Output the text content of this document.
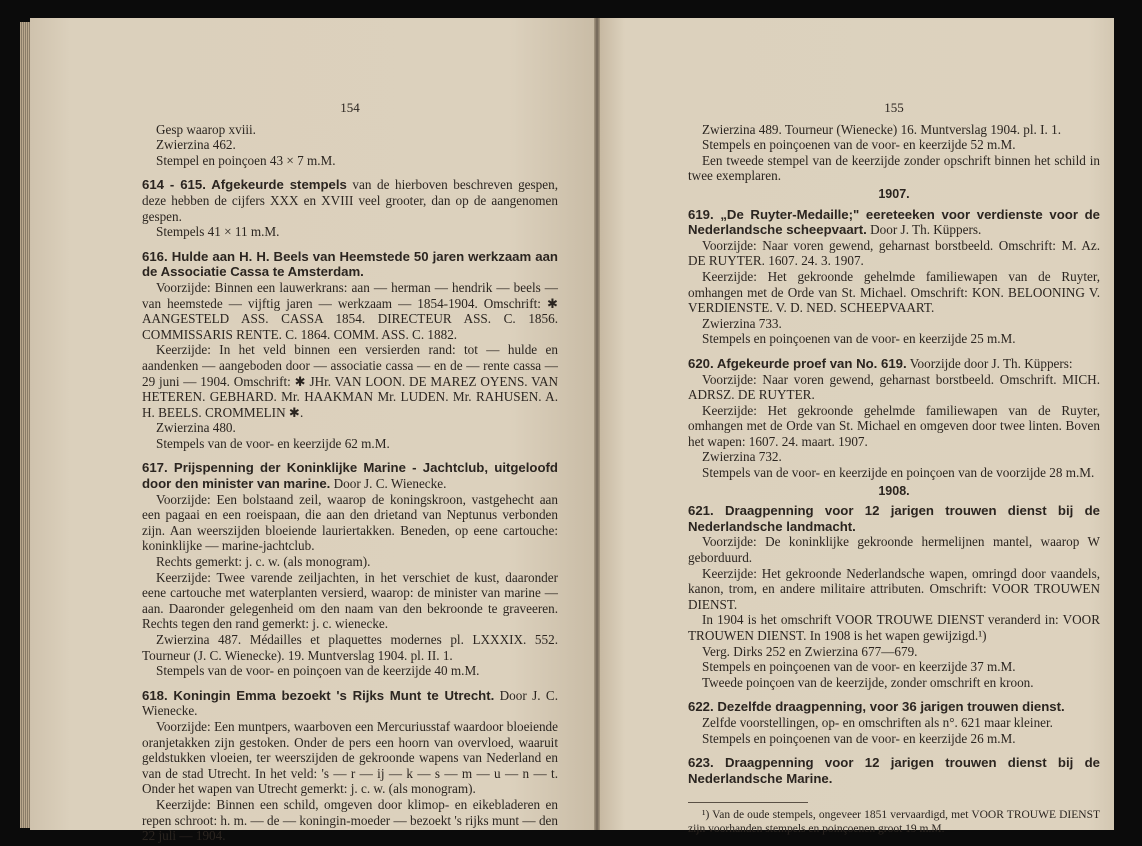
154

Gesp waarop xviii.

Zwierzina 462.

Stempel en poinçoen 43 × 7 m.M.

614 - 615. Afgekeurde stempels van de hierboven beschreven gespen, deze hebben de cijfers XXX en XVIII veel grooter, dan op de aangenomen gespen.

Stempels 41 × 11 m.M.

616. Hulde aan H. H. Beels van Heemstede 50 jaren werkzaam aan de Associatie Cassa te Amsterdam.

Voorzijde: Binnen een lauwerkrans: aan — herman — hendrik — beels — van heemstede — vijftig jaren — werkzaam — 1854-1904. Omschrift: ✱ AANGESTELD ASS. CASSA 1854. DIRECTEUR ASS. C. 1856. COMMISSARIS RENTE. C. 1864. COMM. ASS. C. 1882.

Keerzijde: In het veld binnen een versierden rand: tot — hulde en aandenken — aangeboden door — associatie cassa — en de — rente cassa — 29 juni — 1904. Omschrift: ✱ JHr. VAN LOON. DE MAREZ OYENS. VAN HETEREN. GEBHARD. Mr. HAAKMAN Mr. LUDEN. Mr. RAHUSEN. A. H. BEELS. CROMMELIN ✱.

Zwierzina 480.

Stempels van de voor- en keerzijde 62 m.M.

617. Prijspenning der Koninklijke Marine - Jachtclub, uitgeloofd door den minister van marine. Door J. C. Wienecke.

Voorzijde: Een bolstaand zeil, waarop de koningskroon, vastgehecht aan een pagaai en een roeispaan, die aan den drietand van Neptunus verbonden zijn. Aan weerszijden bloeiende lauriertakken. Beneden, op eene cartouche: koninklijke — marine-jachtclub.

Rechts gemerkt: j. c. w. (als monogram).

Keerzijde: Twee varende zeiljachten, in het verschiet de kust, daaronder eene cartouche met waterplanten versierd, waarop: de minister van marine — aan. Daaronder gelegenheid om den naam van den bekroonde te graveeren. Rechts tegen den rand gemerkt: j. c. wienecke.

Zwierzina 487. Médailles et plaquettes modernes pl. LXXXIX. 552. Tourneur (J. C. Wienecke). 19. Muntverslag 1904. pl. II. 1.

Stempels van de voor- en poinçoen van de keerzijde 40 m.M.

618. Koningin Emma bezoekt 's Rijks Munt te Utrecht. Door J. C. Wienecke.

Voorzijde: Een muntpers, waarboven een Mercuriusstaf waardoor bloeiende oranjetakken zijn gestoken. Onder de pers een hoorn van overvloed, waaruit geldstukken vloeien, ter weerszijden de gekroonde wapens van Nederland en van de stad Utrecht. In het veld: 's — r — ij — k — s — m — u — n — t. Onder het wapen van Utrecht gemerkt: j. c. w. (als monogram).

Keerzijde: Binnen een schild, omgeven door klimop- en eikebladeren en repen schroot: h. m. — de — koningin-moeder — bezoekt 's rijks munt — den 22 juli — 1904.

155

Zwierzina 489. Tourneur (Wienecke) 16. Muntverslag 1904. pl. I. 1.

Stempels en poinçoenen van de voor- en keerzijde 52 m.M.

Een tweede stempel van de keerzijde zonder opschrift binnen het schild in twee exemplaren.

1907.

619. „De Ruyter-Medaille;" eereteeken voor verdienste voor de Nederlandsche scheepvaart. Door J. Th. Küppers.

Voorzijde: Naar voren gewend, geharnast borstbeeld. Omschrift: M. Az. DE RUYTER. 1607. 24. 3. 1907.

Keerzijde: Het gekroonde gehelmde familiewapen van de Ruyter, omhangen met de Orde van St. Michael. Omschrift: KON. BELOONING V. VERDIENSTE. V. D. NED. SCHEEPVAART.

Zwierzina 733.

Stempels en poinçoenen van de voor- en keerzijde 25 m.M.

620. Afgekeurde proef van No. 619. Voorzijde door J. Th. Küppers:

Voorzijde: Naar voren gewend, geharnast borstbeeld. Omschrift. MICH. ADRSZ. DE RUYTER.

Keerzijde: Het gekroonde gehelmde familiewapen van de Ruyter, omhangen met de Orde van St. Michael en omgeven door twee linten. Boven het wapen: 1607. 24. maart. 1907.

Zwierzina 732.

Stempels van de voor- en keerzijde en poinçoen van de voorzijde 28 m.M.

1908.

621. Draagpenning voor 12 jarigen trouwen dienst bij de Nederlandsche landmacht.

Voorzijde: De koninklijke gekroonde hermelijnen mantel, waarop W geborduurd.

Keerzijde: Het gekroonde Nederlandsche wapen, omringd door vaandels, kanon, trom, en andere militaire attributen. Omschrift: VOOR TROUWEN DIENST.

In 1904 is het omschrift VOOR TROUWE DIENST veranderd in: VOOR TROUWEN DIENST. In 1908 is het wapen gewijzigd.¹)

Verg. Dirks 252 en Zwierzina 677—679.

Stempels en poinçoenen van de voor- en keerzijde 37 m.M.

Tweede poinçoen van de keerzijde, zonder omschrift en kroon.

622. Dezelfde draagpenning, voor 36 jarigen trouwen dienst.

Zelfde voorstellingen, op- en omschriften als n°. 621 maar kleiner.

Stempels en poinçoenen van de voor- en keerzijde 26 m.M.

623. Draagpenning voor 12 jarigen trouwen dienst bij de Nederlandsche Marine.

¹) Van de oude stempels, ongeveer 1851 vervaardigd, met VOOR TROUWE DIENST zijn voorhanden stempels en poinçoenen groot 19 m.M.
